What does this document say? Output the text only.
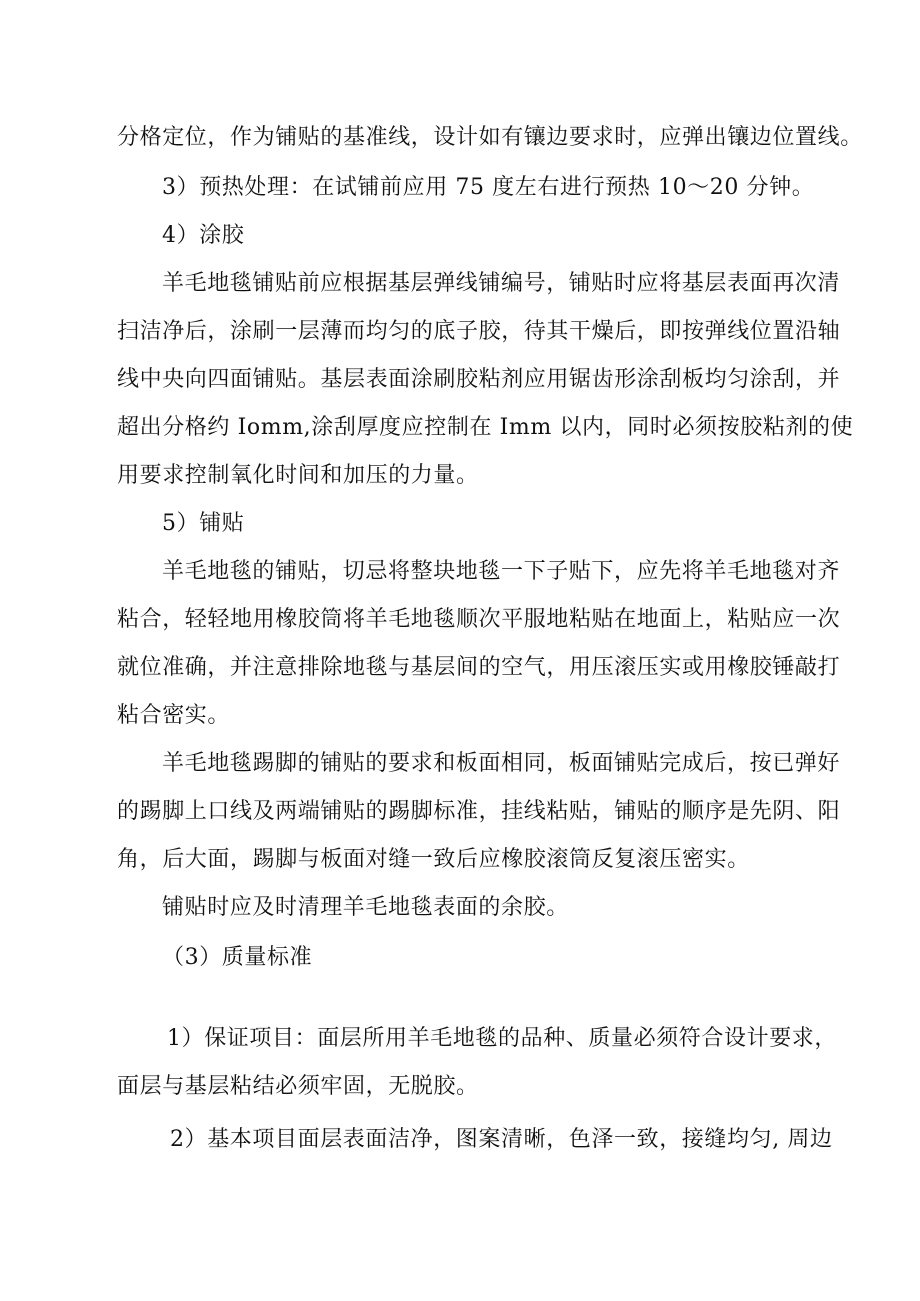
分格定位，作为铺贴的基准线，设计如有镶边要求时，应弹出镶边位置线。
3）预热处理：在试铺前应用 75 度左右进行预热 10～20 分钟。
4）涂胶
羊毛地毯铺贴前应根据基层弹线铺编号，铺贴时应将基层表面再次清
扫洁净后，涂刷一层薄而均匀的底子胶，待其干燥后，即按弹线位置沿轴
线中央向四面铺贴。基层表面涂刷胶粘剂应用锯齿形涂刮板均匀涂刮，并
超出分格约 Iomm,涂刮厚度应控制在 Imm 以内，同时必须按胶粘剂的使
用要求控制氧化时间和加压的力量。
5）铺贴
羊毛地毯的铺贴，切忌将整块地毯一下子贴下，应先将羊毛地毯对齐
粘合，轻轻地用橡胶筒将羊毛地毯顺次平服地粘贴在地面上，粘贴应一次
就位准确，并注意排除地毯与基层间的空气，用压滚压实或用橡胶锤敲打
粘合密实。
羊毛地毯踢脚的铺贴的要求和板面相同，板面铺贴完成后，按已弹好
的踢脚上口线及两端铺贴的踢脚标准，挂线粘贴，铺贴的顺序是先阴、阳
角，后大面，踢脚与板面对缝一致后应橡胶滚筒反复滚压密实。
铺贴时应及时清理羊毛地毯表面的余胶。
（3）质量标准
1）保证项目：面层所用羊毛地毯的品种、质量必须符合设计要求，
面层与基层粘结必须牢固，无脱胶。
2）基本项目面层表面洁净，图案清晰，色泽一致，接缝均匀, 周边
